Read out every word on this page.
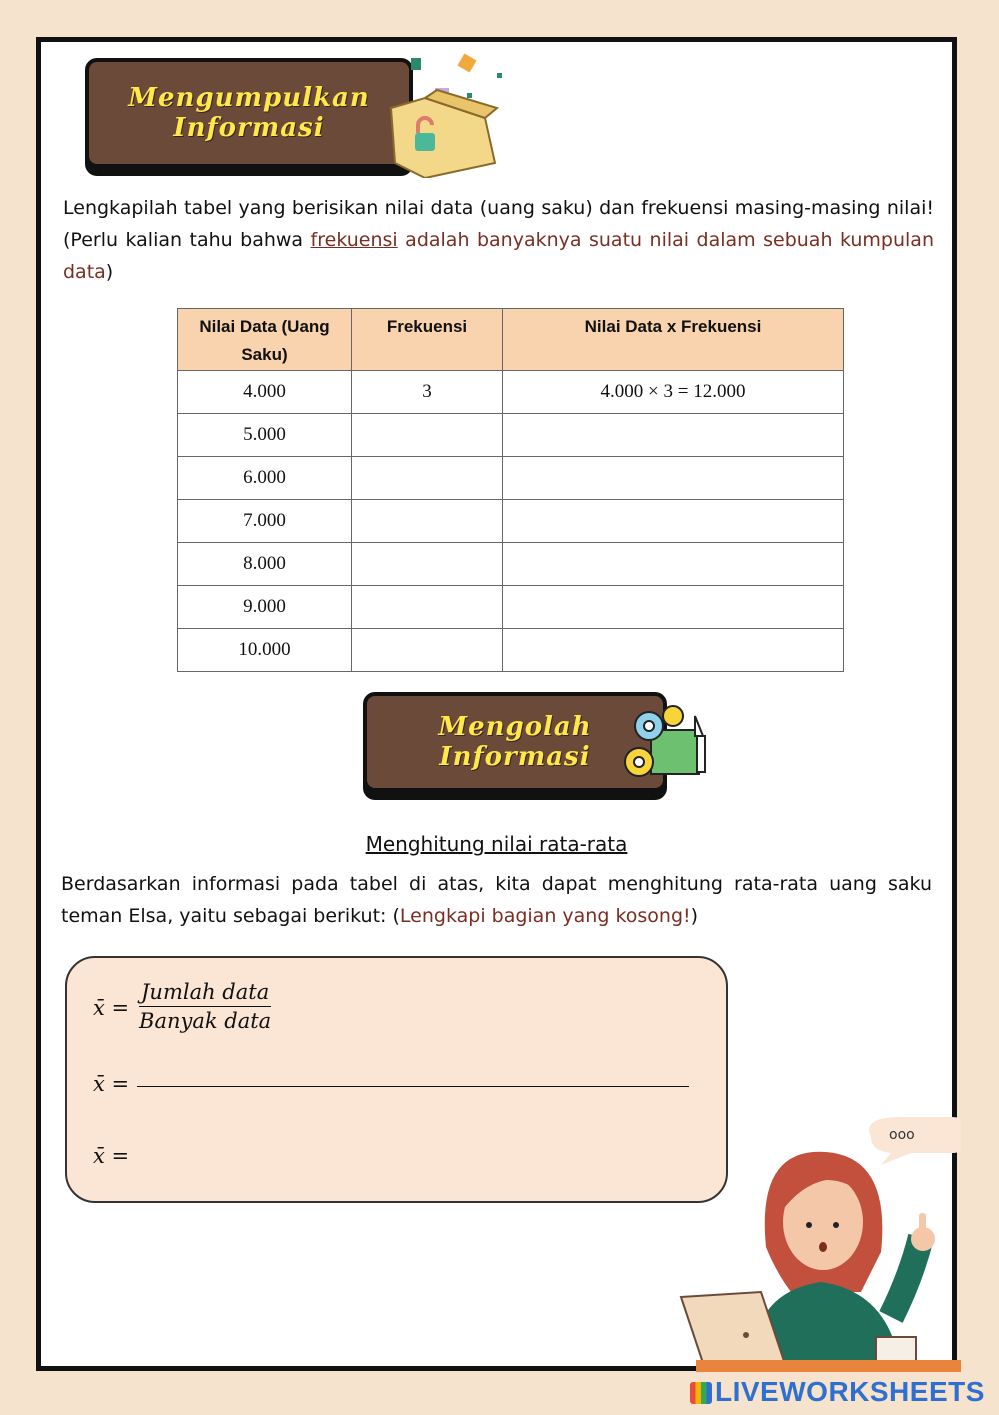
Mengumpulkan
Informasi
Lengkapilah tabel yang berisikan nilai data (uang saku) dan frekuensi masing-masing nilai! (Perlu kalian tahu bahwa frekuensi adalah banyaknya suatu nilai dalam sebuah kumpulan data)
Nilai Data (Uang Saku)	Frekuensi	Nilai Data x Frekuensi
4.000	3	4.000 × 3 = 12.000
5.000		
6.000		
7.000		
8.000		
9.000		
10.000		
Mengolah
Informasi
Menghitung nilai rata-rata
Berdasarkan informasi pada tabel di atas, kita dapat menghitung rata-rata uang saku teman Elsa, yaitu sebagai berikut: (Lengkapi bagian yang kosong!)
x̄ =
Jumlah data
Banyak data
x̄ =
x̄ =
ooo
LIVEWORKSHEETS
